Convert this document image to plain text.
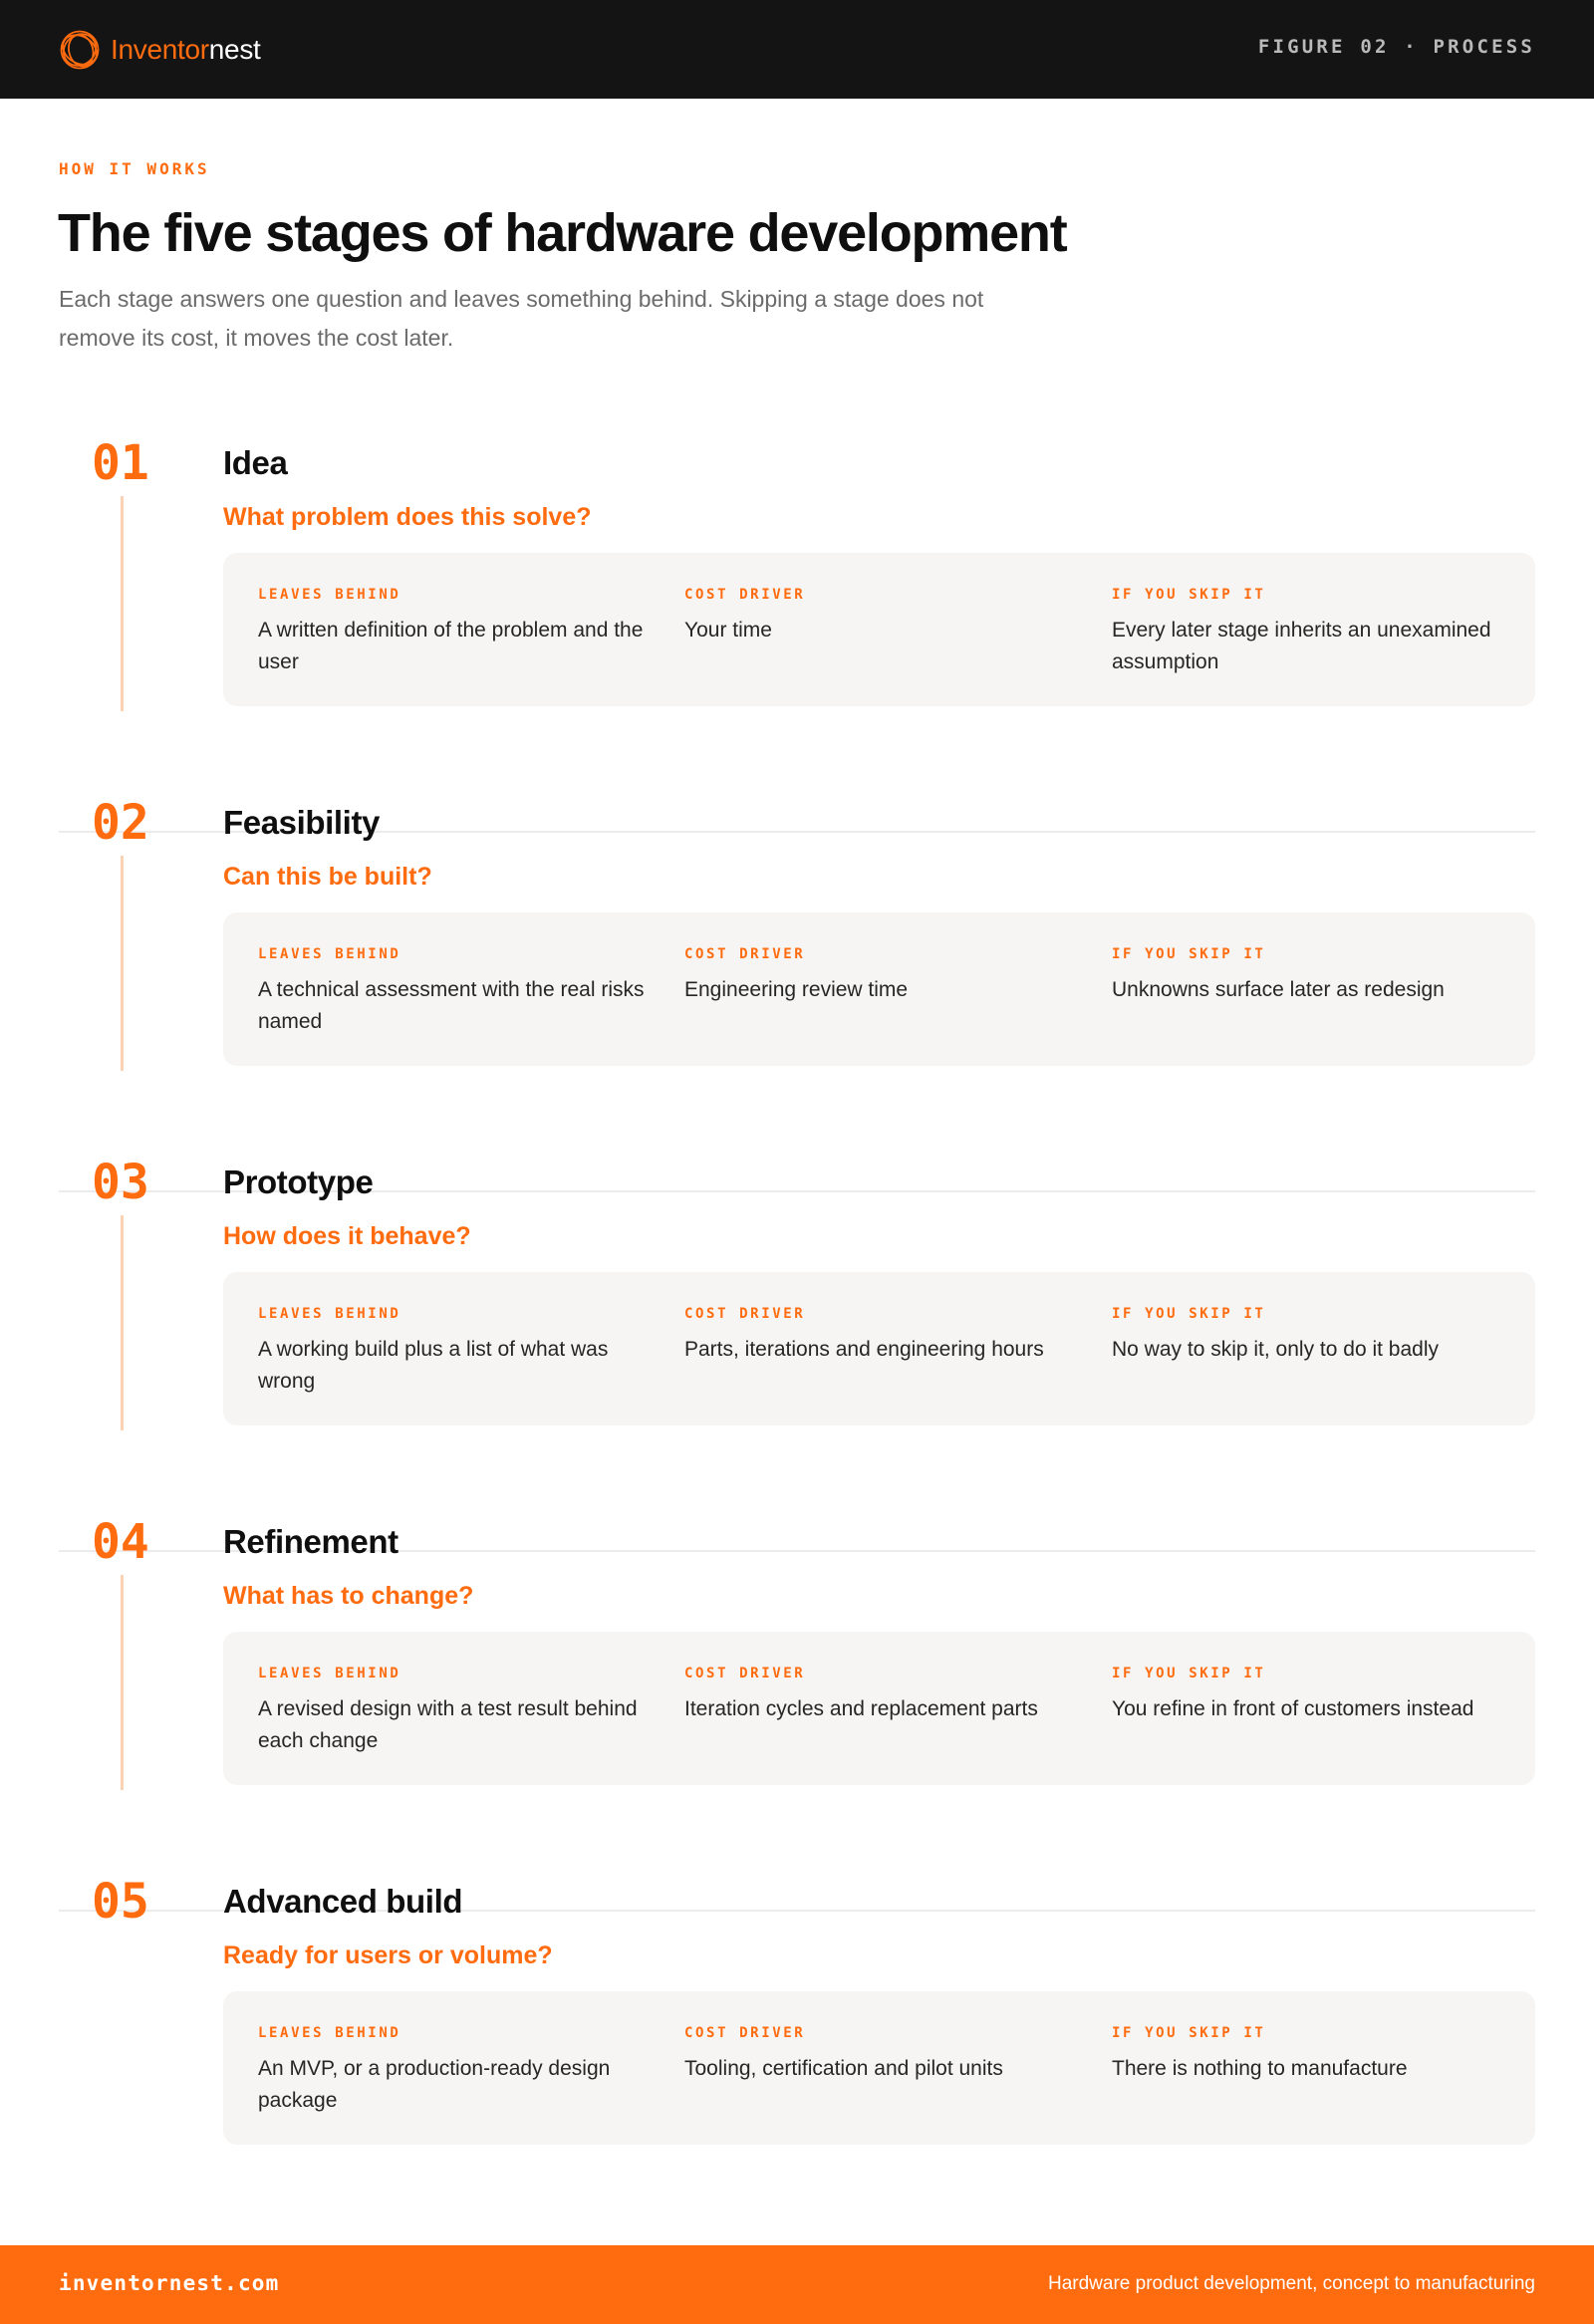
Inventornest	FIGURE 02 · PROCESS
HOW IT WORKS
The five stages of hardware development

Each stage answers one question and leaves something behind. Skipping a stage does not remove its cost, it moves the cost later.

01 Idea
What problem does this solve?
LEAVES BEHIND
A written definition of the problem and the user
COST DRIVER
Your time
IF YOU SKIP IT
Every later stage inherits an unexamined assumption
02 Feasibility
Can this be built?
LEAVES BEHIND
A technical assessment with the real risks named
COST DRIVER
Engineering review time
IF YOU SKIP IT
Unknowns surface later as redesign
03 Prototype
How does it behave?
LEAVES BEHIND
A working build plus a list of what was wrong
COST DRIVER
Parts, iterations and engineering hours
IF YOU SKIP IT
No way to skip it, only to do it badly
04 Refinement
What has to change?
LEAVES BEHIND
A revised design with a test result behind each change
COST DRIVER
Iteration cycles and replacement parts
IF YOU SKIP IT
You refine in front of customers instead
05 Advanced build
Ready for users or volume?
LEAVES BEHIND
An MVP, or a production-ready design package
COST DRIVER
Tooling, certification and pilot units
IF YOU SKIP IT
There is nothing to manufacture
inventornest.com	Hardware product development, concept to manufacturing
